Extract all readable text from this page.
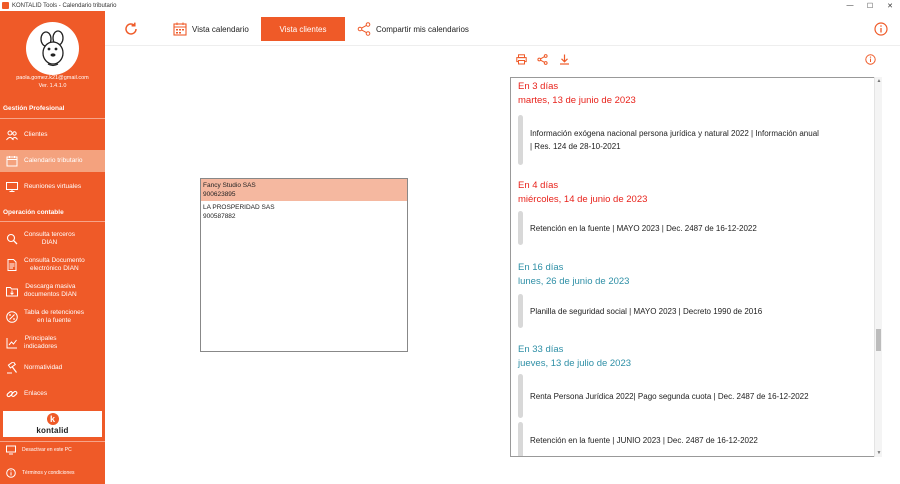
KONTALID Tools - Calendario tributario	—	☐	✕
paola.gomez.k21@gmail.com
Ver. 1.4.1.0
Gestión Profesional
Clientes
Calendario tributario
Reuniones virtuales
Operación contable
Consulta terceros
DIAN
Consulta Documento
electrónico DIAN
Descarga masiva
documentos DIAN
Tabla de retenciones
en la fuente
Principales
indicadores
Normatividad
Enlaces
k
kontalid
Desactivar en este PC
Términos y condiciones
Vista calendario	Vista clientes	Compartir mis calendarios
Fancy Studio SAS
900623895
LA PROSPERIDAD SAS
900587882
En 3 días
martes, 13 de junio de 2023
Información exógena nacional persona jurídica y natural 2022 | Información anual
| Res. 124 de 28-10-2021
En 4 días
miércoles, 14 de junio de 2023
Retención en la fuente | MAYO 2023 | Dec. 2487 de 16-12-2022
En 16 días
lunes, 26 de junio de 2023
Planilla de seguridad social | MAYO 2023 | Decreto 1990 de 2016
En 33 días
jueves, 13 de julio de 2023
Renta Persona Jurídica 2022| Pago segunda cuota | Dec. 2487 de 16-12-2022
Retención en la fuente | JUNIO 2023 | Dec. 2487 de 16-12-2022
▲
▼
